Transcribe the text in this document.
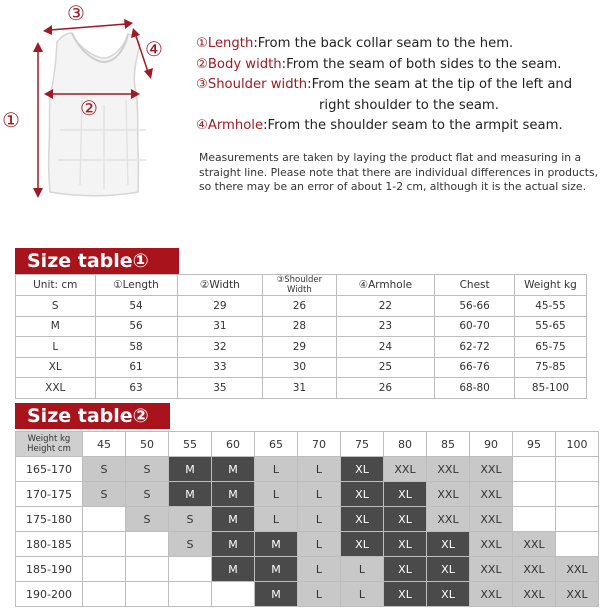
①	②
③
④	①Length:From the back collar seam to the hem.
②Body width:From the seam of both sides to the seam.
③Shoulder width:From the seam at the tip of the left and
right shoulder to the seam.
④Armhole:From the shoulder seam to the armpit seam.
Measurements are taken by laying the product flat and measuring in a straight line. Please note that there are individual differences in products, so there may be an error of about 1-2 cm, although it is the actual size.
Size table①
Unit: cm	①Length	②Width	③Shoulder Width	④Armhole	Chest	Weight kg
S	54	29	26	22	56-66	45-55
M	56	31	28	23	60-70	55-65
L	58	32	29	24	62-72	65-75
XL	61	33	30	25	66-76	75-85
XXL	63	35	31	26	68-80	85-100
Size table②
Weight kg
Height cm	45	50	55	60	65	70	75	80	85	90	95	100
165-170	S	S	M	M	L	L	XL	XXL	XXL	XXL		
170-175	S	S	M	M	L	L	XL	XL	XXL	XXL		
175-180		S	S	M	L	L	XL	XL	XXL	XXL		
180-185			S	M	M	L	XL	XL	XL	XXL	XXL	
185-190				M	M	L	L	XL	XL	XXL	XXL	XXL
190-200					M	L	L	XL	XL	XXL	XXL	XXL
